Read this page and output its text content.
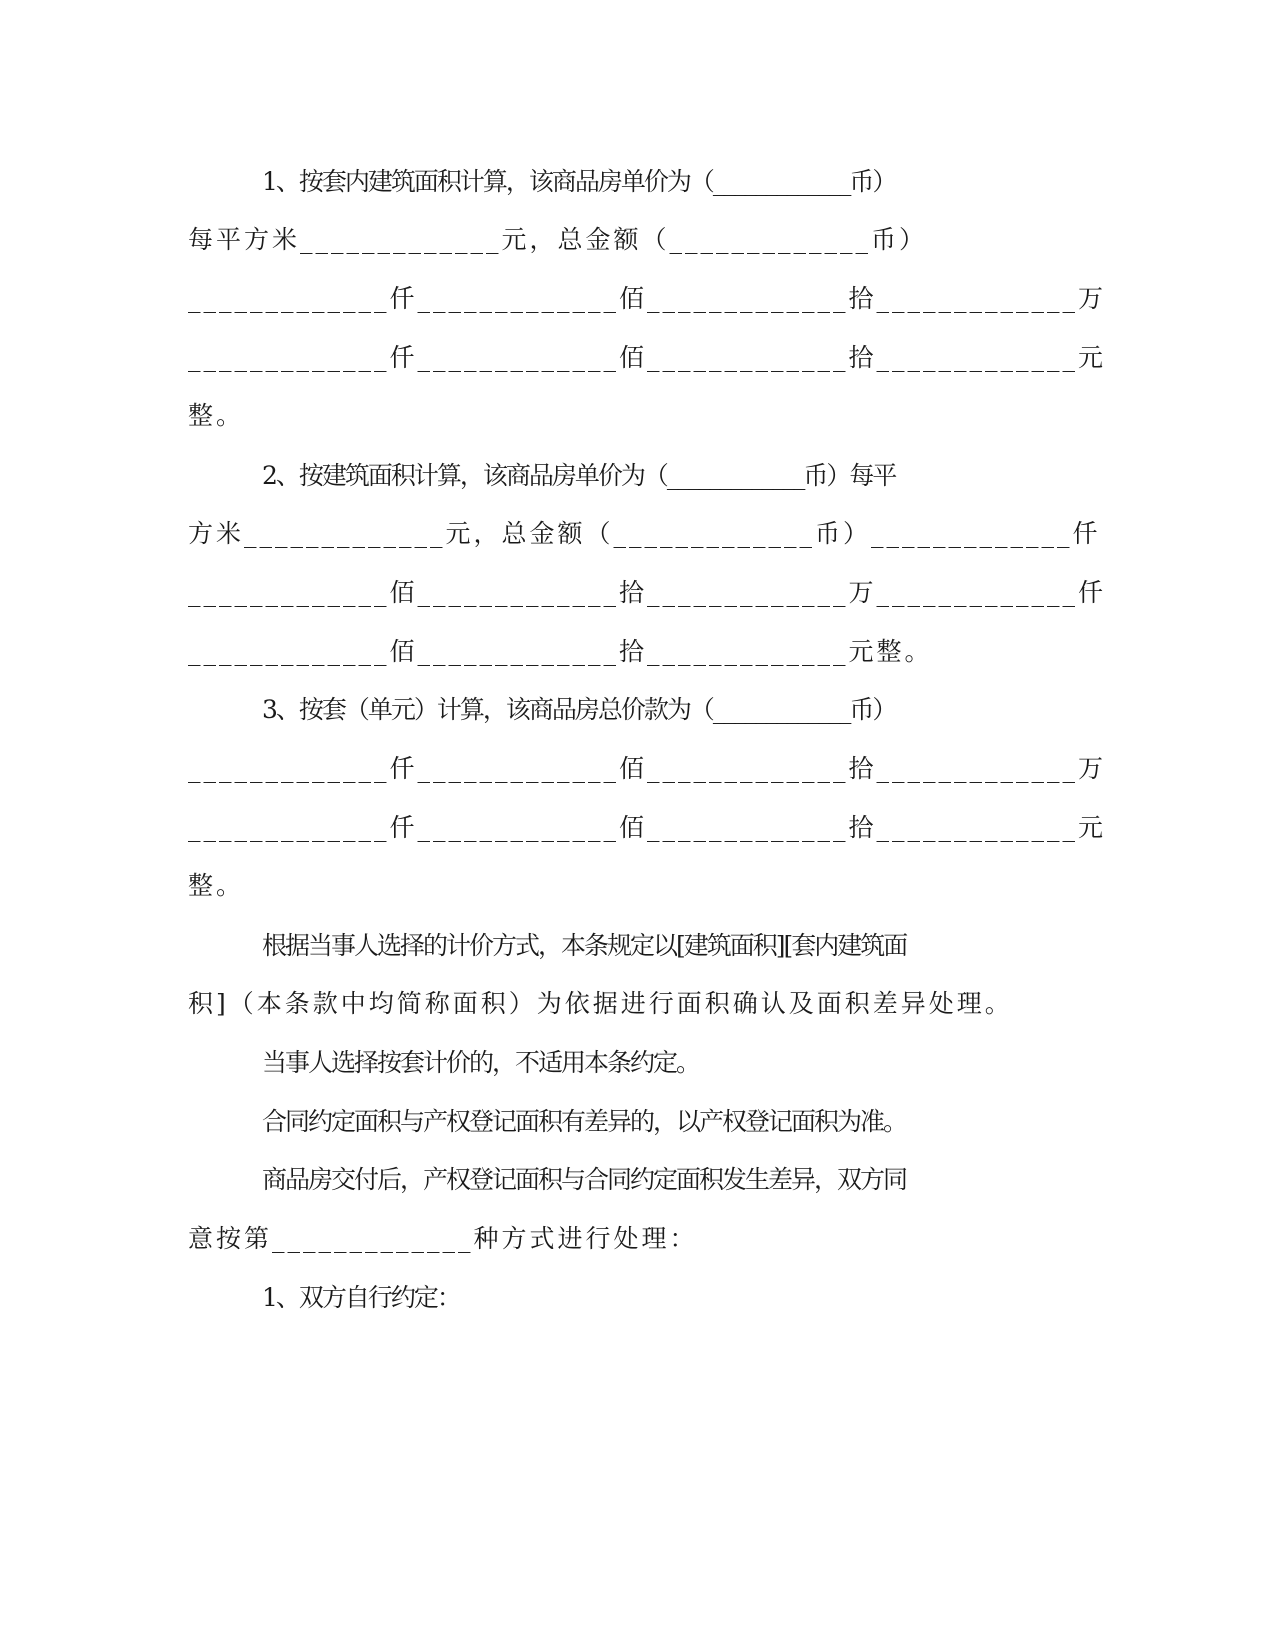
1、按套内建筑面积计算，该商品房单价为（_____________币）
每平方米_____________元，总金额（_____________币）
_____________仟_____________佰_____________拾_____________万
_____________仟_____________佰_____________拾_____________元
整。
2、按建筑面积计算，该商品房单价为（_____________币）每平
方米_____________元，总金额（_____________币）_____________仟
_____________佰_____________拾_____________万_____________仟
_____________佰_____________拾_____________元整。
3、按套（单元）计算，该商品房总价款为（_____________币）
_____________仟_____________佰_____________拾_____________万
_____________仟_____________佰_____________拾_____________元
整。
根据当事人选择的计价方式，本条规定以[建筑面积][套内建筑面
积]（本条款中均简称面积）为依据进行面积确认及面积差异处理。
当事人选择按套计价的，不适用本条约定。
合同约定面积与产权登记面积有差异的，以产权登记面积为准。
商品房交付后，产权登记面积与合同约定面积发生差异，双方同
意按第_____________种方式进行处理：
1、双方自行约定：
